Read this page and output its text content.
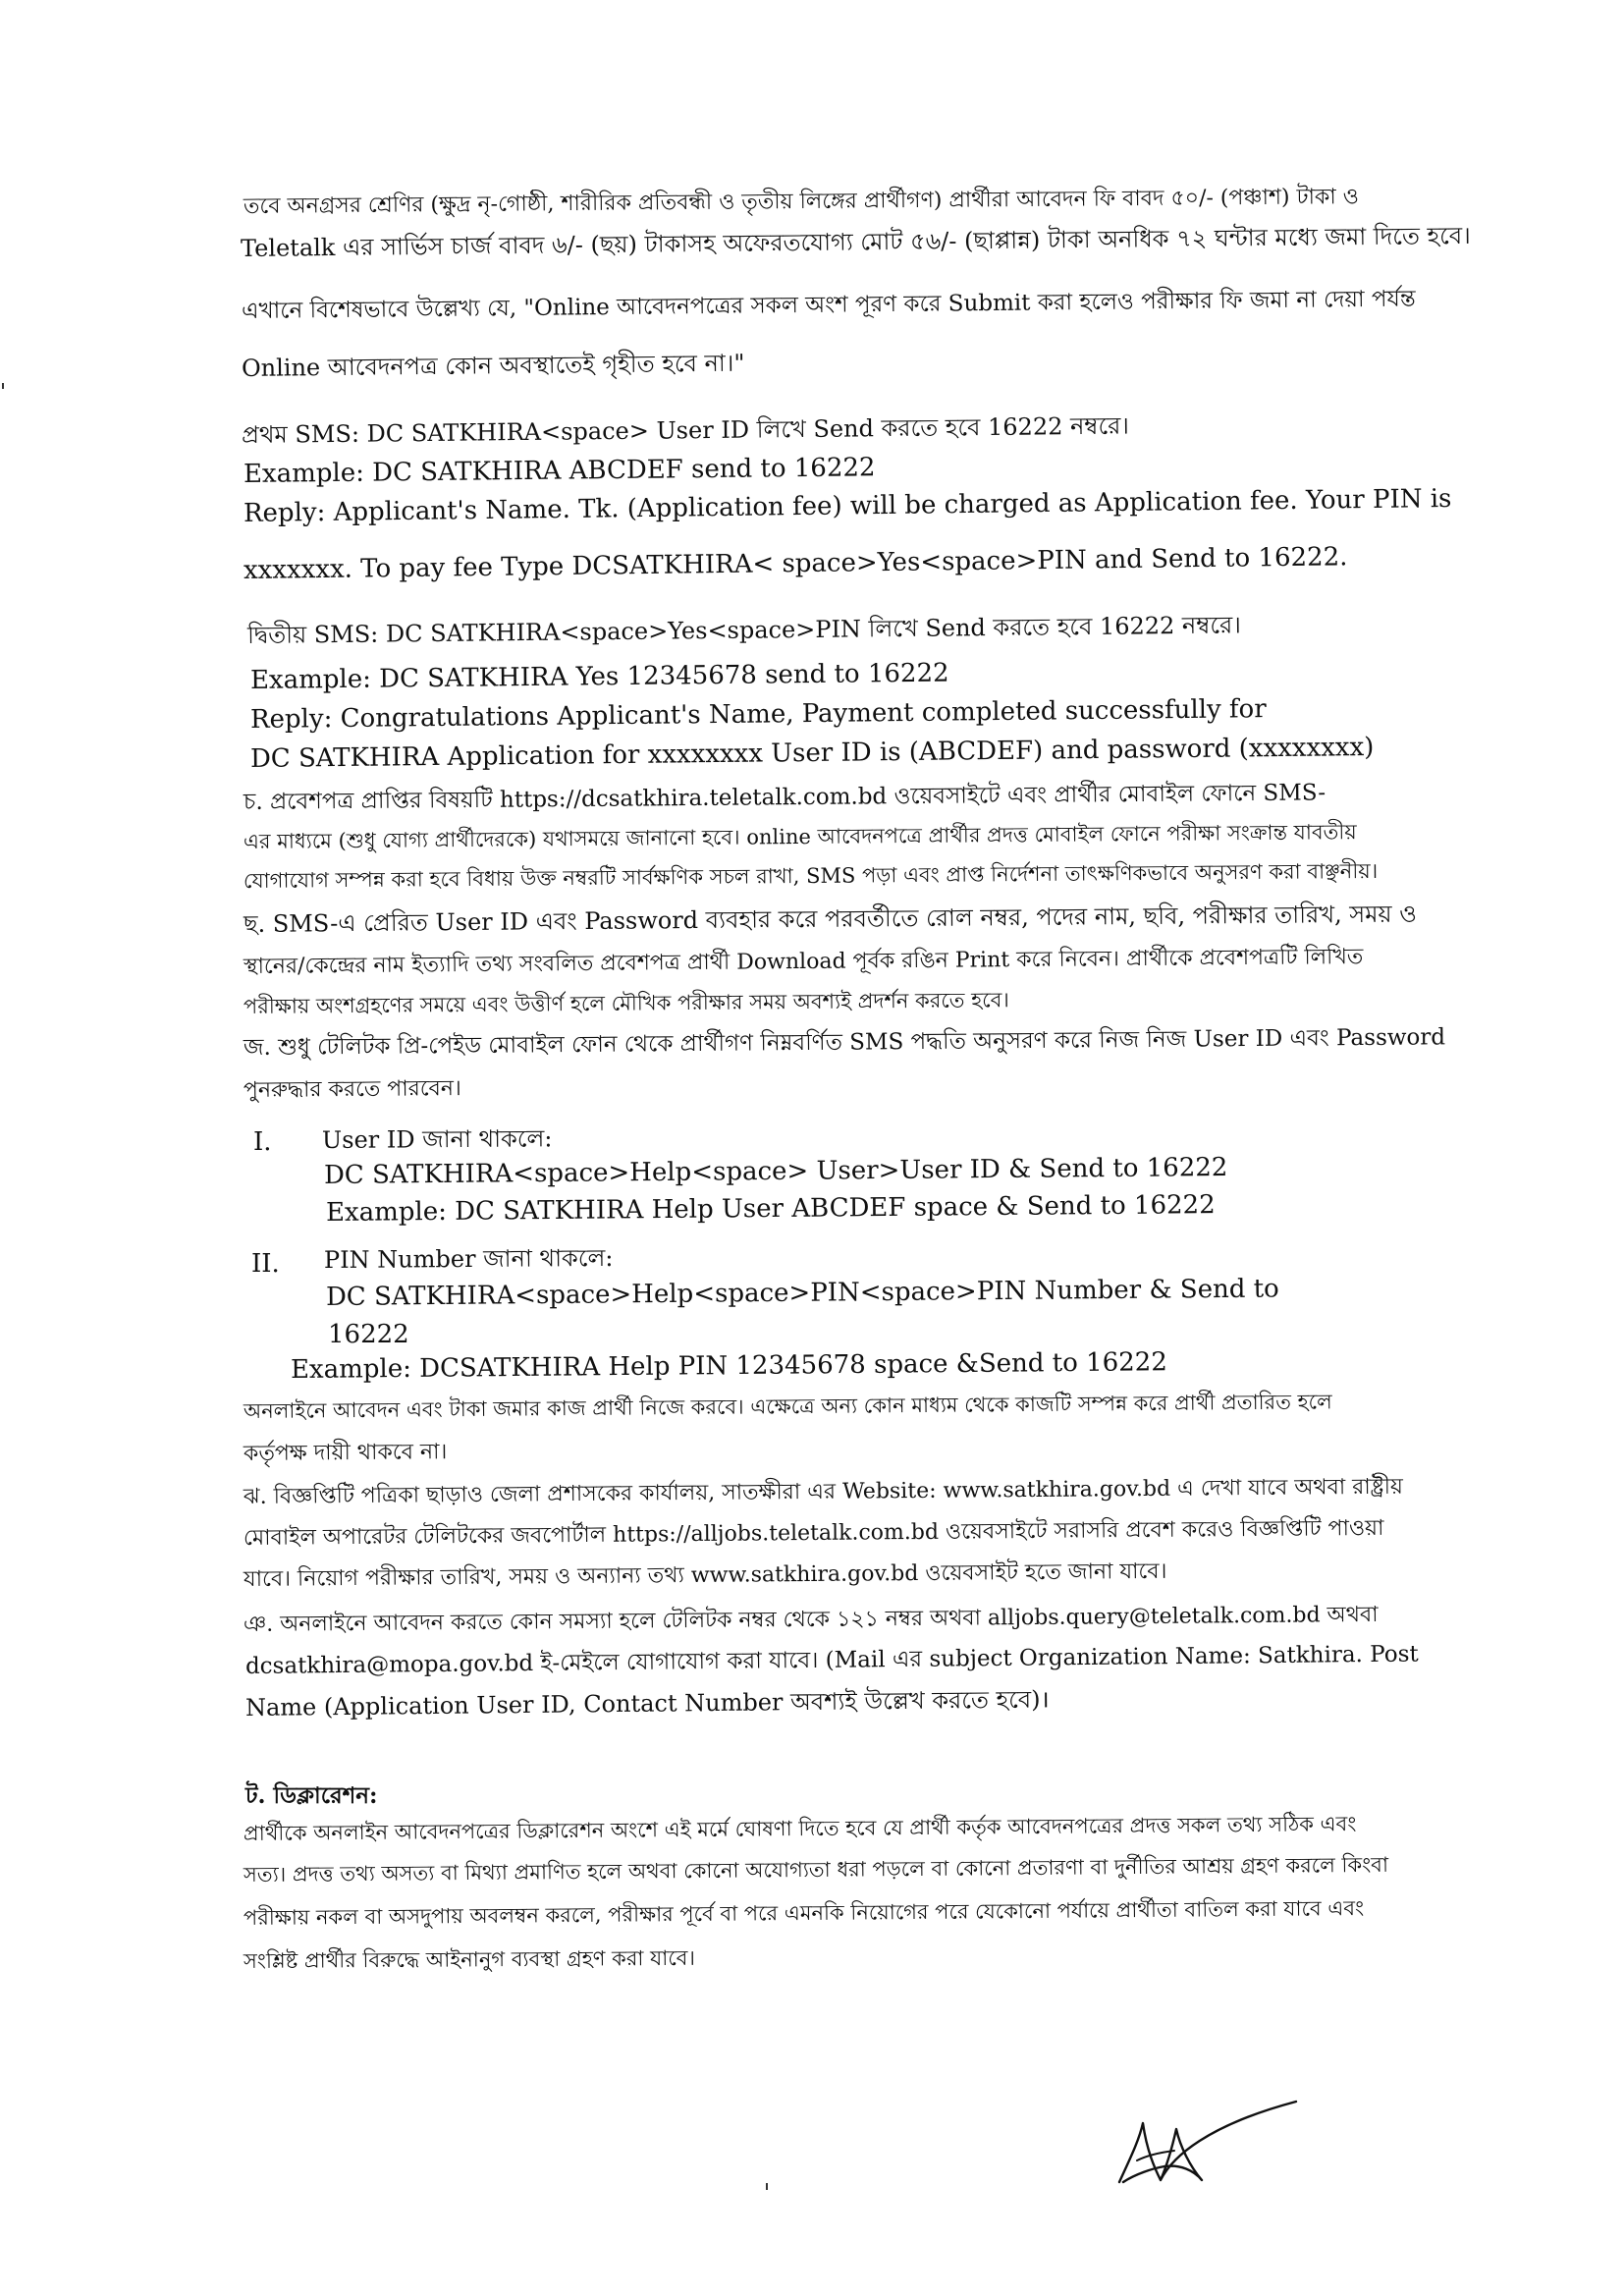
তবে অনগ্রসর শ্রেণির (ক্ষুদ্র নৃ-গোষ্ঠী, শারীরিক প্রতিবন্ধী ও তৃতীয় লিঙ্গের প্রার্থীগণ) প্রার্থীরা আবেদন ফি বাবদ ৫০/- (পঞ্চাশ) টাকা ও
Teletalk এর সার্ভিস চার্জ বাবদ ৬/- (ছয়) টাকাসহ অফেরতযোগ্য মোট ৫৬/- (ছাপ্পান্ন) টাকা অনধিক ৭২ ঘন্টার মধ্যে জমা দিতে হবে।
এখানে বিশেষভাবে উল্লেখ্য যে, "Online আবেদনপত্রের সকল অংশ পূরণ করে Submit করা হলেও পরীক্ষার ফি জমা না দেয়া পর্যন্ত
Online আবেদনপত্র কোন অবস্থাতেই গৃহীত হবে না।"
প্রথম SMS: DC SATKHIRA<space> User ID লিখে Send করতে হবে 16222 নম্বরে।
Example: DC SATKHIRA ABCDEF send to 16222
Reply: Applicant's Name. Tk. (Application fee) will be charged as Application fee. Your PIN is
xxxxxxx. To pay fee Type DCSATKHIRA< space>Yes<space>PIN and Send to 16222.
দ্বিতীয় SMS: DC SATKHIRA<space>Yes<space>PIN লিখে Send করতে হবে 16222 নম্বরে।
Example: DC SATKHIRA Yes 12345678 send to 16222
Reply: Congratulations Applicant's Name, Payment completed successfully for
DC SATKHIRA Application for xxxxxxxx User ID is (ABCDEF) and password (xxxxxxxx)
চ. প্রবেশপত্র প্রাপ্তির বিষয়টি https://dcsatkhira.teletalk.com.bd ওয়েবসাইটে এবং প্রার্থীর মোবাইল ফোনে SMS-
এর মাধ্যমে (শুধু যোগ্য প্রার্থীদেরকে) যথাসময়ে জানানো হবে। online আবেদনপত্রে প্রার্থীর প্রদত্ত মোবাইল ফোনে পরীক্ষা সংক্রান্ত যাবতীয়
যোগাযোগ সম্পন্ন করা হবে বিধায় উক্ত নম্বরটি সার্বক্ষণিক সচল রাখা, SMS পড়া এবং প্রাপ্ত নির্দেশনা তাৎক্ষণিকভাবে অনুসরণ করা বাঞ্ছনীয়।
ছ. SMS-এ প্রেরিত User ID এবং Password ব্যবহার করে পরবর্তীতে রোল নম্বর, পদের নাম, ছবি, পরীক্ষার তারিখ, সময় ও
স্থানের/কেন্দ্রের নাম ইত্যাদি তথ্য সংবলিত প্রবেশপত্র প্রার্থী Download পূর্বক রঙিন Print করে নিবেন। প্রার্থীকে প্রবেশপত্রটি লিখিত
পরীক্ষায় অংশগ্রহণের সময়ে এবং উত্তীর্ণ হলে মৌখিক পরীক্ষার সময় অবশ্যই প্রদর্শন করতে হবে।
জ. শুধু টেলিটক প্রি-পেইড মোবাইল ফোন থেকে প্রার্থীগণ নিম্নবর্ণিত SMS পদ্ধতি অনুসরণ করে নিজ নিজ User ID এবং Password
পুনরুদ্ধার করতে পারবেন।
I. User ID জানা থাকলে:
DC SATKHIRA<space>Help<space> User>User ID & Send to 16222
Example: DC SATKHIRA Help User ABCDEF space & Send to 16222
II. PIN Number জানা থাকলে:
DC SATKHIRA<space>Help<space>PIN<space>PIN Number & Send to
16222
Example: DCSATKHIRA Help PIN 12345678 space &Send to 16222
অনলাইনে আবেদন এবং টাকা জমার কাজ প্রার্থী নিজে করবে। এক্ষেত্রে অন্য কোন মাধ্যম থেকে কাজটি সম্পন্ন করে প্রার্থী প্রতারিত হলে
কর্তৃপক্ষ দায়ী থাকবে না।
ঝ. বিজ্ঞপ্তিটি পত্রিকা ছাড়াও জেলা প্রশাসকের কার্যালয়, সাতক্ষীরা এর Website: www.satkhira.gov.bd এ দেখা যাবে অথবা রাষ্ট্রীয়
মোবাইল অপারেটর টেলিটকের জবপোর্টাল https://alljobs.teletalk.com.bd ওয়েবসাইটে সরাসরি প্রবেশ করেও বিজ্ঞপ্তিটি পাওয়া
যাবে। নিয়োগ পরীক্ষার তারিখ, সময় ও অন্যান্য তথ্য www.satkhira.gov.bd ওয়েবসাইট হতে জানা যাবে।
ঞ. অনলাইনে আবেদন করতে কোন সমস্যা হলে টেলিটক নম্বর থেকে ১২১ নম্বর অথবা alljobs.query@teletalk.com.bd অথবা
dcsatkhira@mopa.gov.bd ই-মেইলে যোগাযোগ করা যাবে। (Mail এর subject Organization Name: Satkhira. Post
Name (Application User ID, Contact Number অবশ্যই উল্লেখ করতে হবে)।
ট. ডিক্লারেশন:
প্রার্থীকে অনলাইন আবেদনপত্রের ডিক্লারেশন অংশে এই মর্মে ঘোষণা দিতে হবে যে প্রার্থী কর্তৃক আবেদনপত্রের প্রদত্ত সকল তথ্য সঠিক এবং
সত্য। প্রদত্ত তথ্য অসত্য বা মিথ্যা প্রমাণিত হলে অথবা কোনো অযোগ্যতা ধরা পড়লে বা কোনো প্রতারণা বা দুর্নীতির আশ্রয় গ্রহণ করলে কিংবা
পরীক্ষায় নকল বা অসদুপায় অবলম্বন করলে, পরীক্ষার পূর্বে বা পরে এমনকি নিয়োগের পরে যেকোনো পর্যায়ে প্রার্থীতা বাতিল করা যাবে এবং
সংশ্লিষ্ট প্রার্থীর বিরুদ্ধে আইনানুগ ব্যবস্থা গ্রহণ করা যাবে।
